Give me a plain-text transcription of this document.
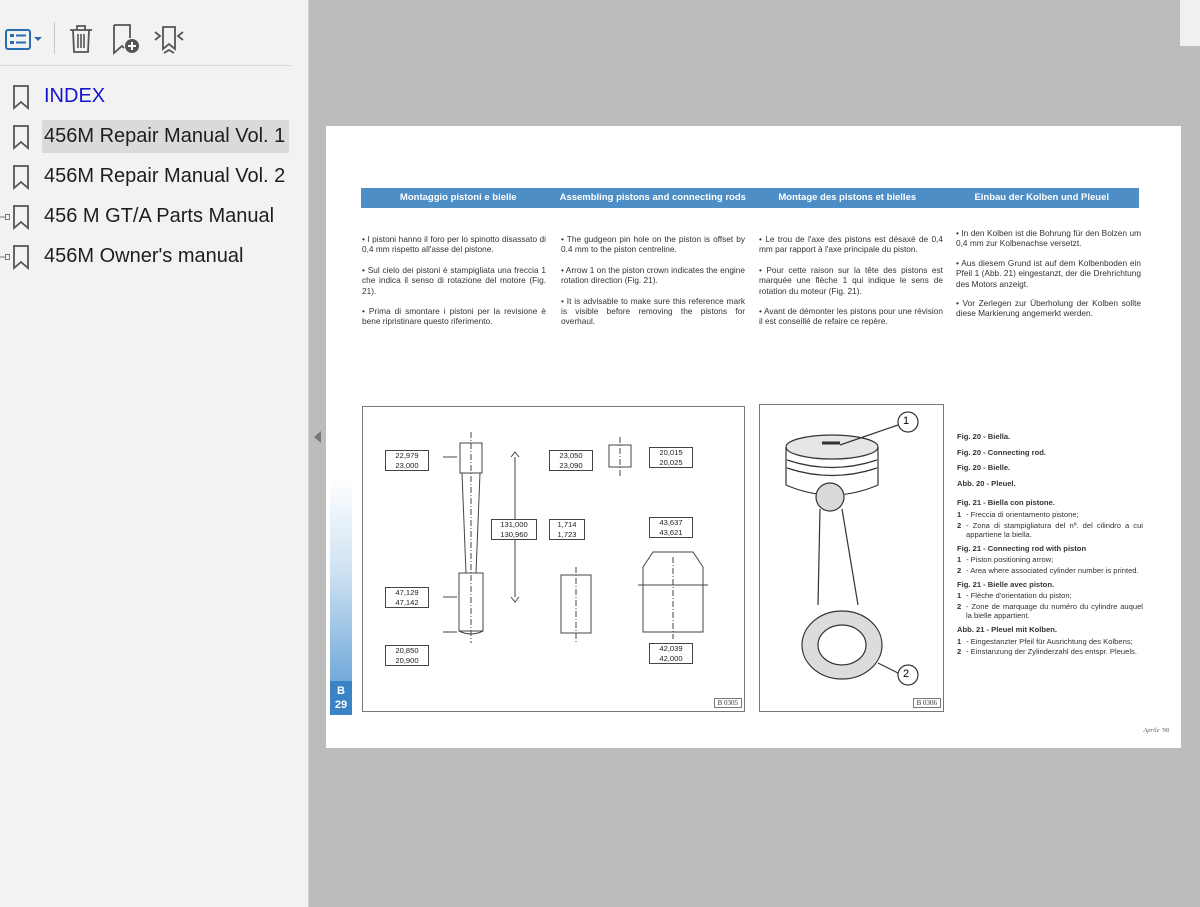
INDEX
456M Repair Manual Vol. 1
456M Repair Manual Vol. 2
456 M GT/A Parts Manual
456M Owner's manual
Montaggio pistoni e bielle	Assembling pistons and connecting rods	Montage des pistons et bielles	Einbau der Kolben und Pleuel

• I pistoni hanno il foro per lo spinotto disassato di 0,4 mm rispetto all'asse del pistone.

• Sul cielo dei pistoni è stampigliata una freccia 1 che indica il senso di rotazione del motore (Fig. 21).

• Prima di smontare i pistoni per la revisione è bene ripristinare questo riferimento.

• The gudgeon pin hole on the piston is offset by 0.4 mm to the piston centreline.

• Arrow 1 on the piston crown indicates the engine rotation direction (Fig. 21).

• It is advisable to make sure this reference mark is visible before removing the pistons for overhaul.

• Le trou de l'axe des pistons est désaxé de 0,4 mm par rapport à l'axe principale du piston.

• Pour cette raison sur la tête des pistons est marquée une flèche 1 qui indique le sens de rotation du moteur (Fig. 21).

• Avant de démonter les pistons pour une révision il est conseillé de refaire ce repère.

• In den Kolben ist die Bohrung für den Bolzen um 0,4 mm zur Kolbenachse versetzt.

• Aus diesem Grund ist auf dem Kolbenboden ein Pfeil 1 (Abb. 21) eingestanzt, der die Drehrichtung des Motors anzeigt.

• Vor Zerlegen zur Überholung der Kolben sollte diese Markierung angemerkt werden.

B
29
22,979
23,000
23,050
23,090
20,015
20,025
131,000
130,960
1,714
1,723
43,637
43,621
47,129
47,142
20,850
20,900
42,039
42,000
B 0305
1
2
B 0306
Fig. 20 - Biella.
Fig. 20 - Connecting rod.
Fig. 20 - Bielle.
Abb. 20 - Pleuel.
Fig. 21 - Biella con pistone.
1 - Freccia di orientamento pistone;
2 - Zona di stampigliatura del nº. del cilindro a cui appartiene la biella.
Fig. 21 - Connecting rod with piston
1 - Piston positioning arrow;
2 - Area where associated cylinder number is printed.
Fig. 21 - Bielle avec piston.
1 - Flèche d'orientation du piston;
2 - Zone de marquage du numéro du cylindre auquel la bielle appartient.
Abb. 21 - Pleuel mit Kolben.
1 - Eingestanzter Pfeil für Ausrichtung des Kolbens;
2 - Einstanzung der Zylinderzahl des entspr. Pleuels.
Aprile '98
